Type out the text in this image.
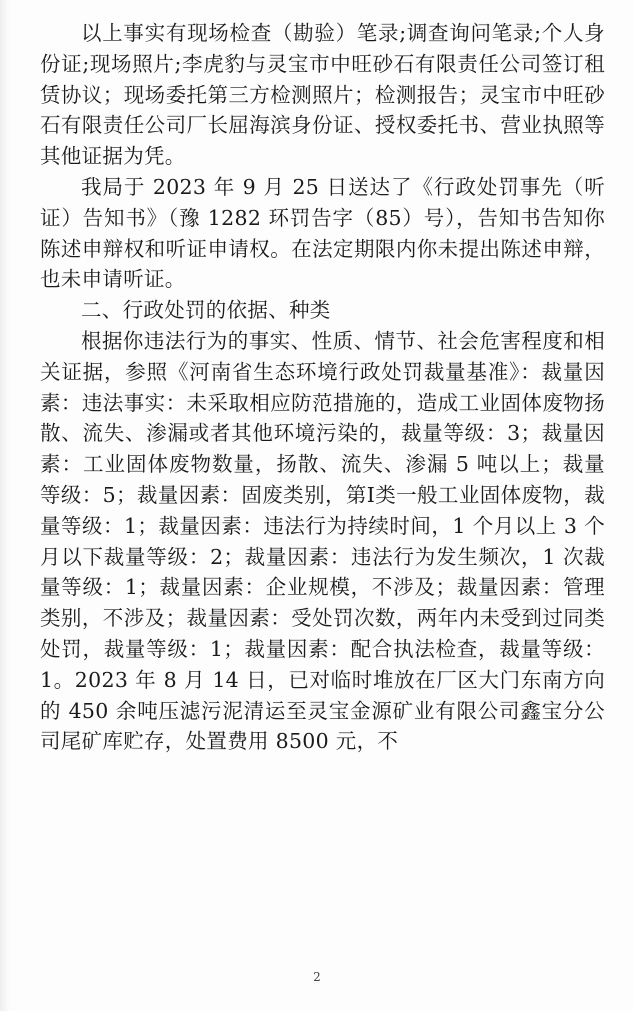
以上事实有现场检查（勘验）笔录;调查询问笔录;个人身份证;现场照片;李虎豹与灵宝市中旺砂石有限责任公司签订租赁协议；现场委托第三方检测照片；检测报告；灵宝市中旺砂石有限责任公司厂长屈海滨身份证、授权委托书、营业执照等其他证据为凭。

我局于 2023 年 9 月 25 日送达了《行政处罚事先（听证）告知书》（豫 1282 环罚告字（85）号），告知书告知你陈述申辩权和听证申请权。在法定期限内你未提出陈述申辩，也未申请听证。

二、行政处罚的依据、种类

根据你违法行为的事实、性质、情节、社会危害程度和相关证据，参照《河南省生态环境行政处罚裁量基准》：裁量因素：违法事实：未采取相应防范措施的，造成工业固体废物扬散、流失、渗漏或者其他环境污染的，裁量等级：3；裁量因素：工业固体废物数量，扬散、流失、渗漏 5 吨以上；裁量等级：5；裁量因素：固废类别，第Ⅰ类一般工业固体废物，裁量等级：1；裁量因素：违法行为持续时间，1 个月以上 3 个月以下裁量等级：2；裁量因素：违法行为发生频次，1 次裁量等级：1；裁量因素：企业规模，不涉及；裁量因素：管理类别，不涉及；裁量因素：受处罚次数，两年内未受到过同类处罚，裁量等级：1；裁量因素：配合执法检查，裁量等级：1。2023 年 8 月 14 日，已对临时堆放在厂区大门东南方向的 450 余吨压滤污泥清运至灵宝金源矿业有限公司鑫宝分公司尾矿库贮存，处置费用 8500 元，不

2
